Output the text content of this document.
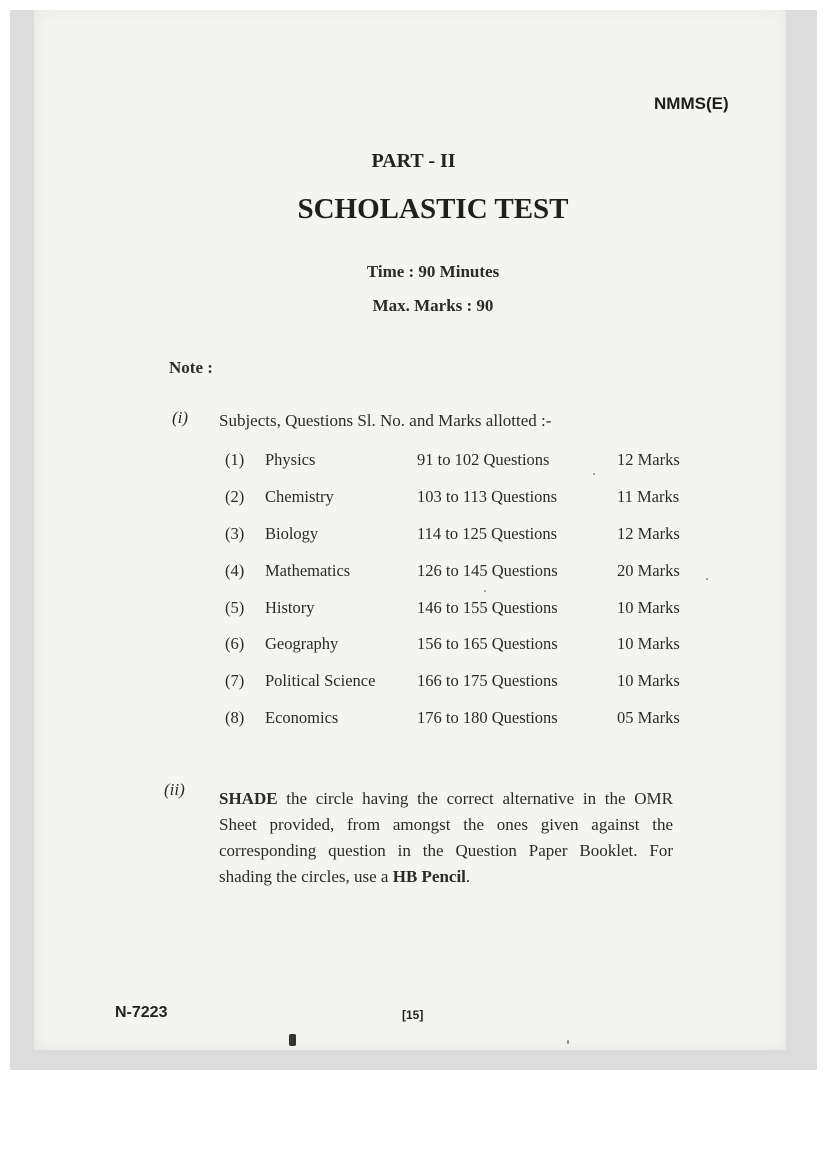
NMMS(E)
PART - II
SCHOLASTIC TEST
Time : 90 Minutes
Max. Marks : 90
Note :
(i) Subjects, Questions Sl. No. and Marks allotted :-
(1)	Physics	91 to 102 Questions	12 Marks
(2)	Chemistry	103 to 113 Questions	11 Marks
(3)	Biology	114 to 125 Questions	12 Marks
(4)	Mathematics	126 to 145 Questions	20 Marks
(5)	History	146 to 155 Questions	10 Marks
(6)	Geography	156 to 165 Questions	10 Marks
(7)	Political Science	166 to 175 Questions	10 Marks
(8)	Economics	176 to 180 Questions	05 Marks
(ii) SHADE the circle having the correct alternative in the OMR Sheet provided, from amongst the ones given against the corresponding question in the Question Paper Booklet. For shading the circles, use a HB Pencil.
N-7223	[15]
